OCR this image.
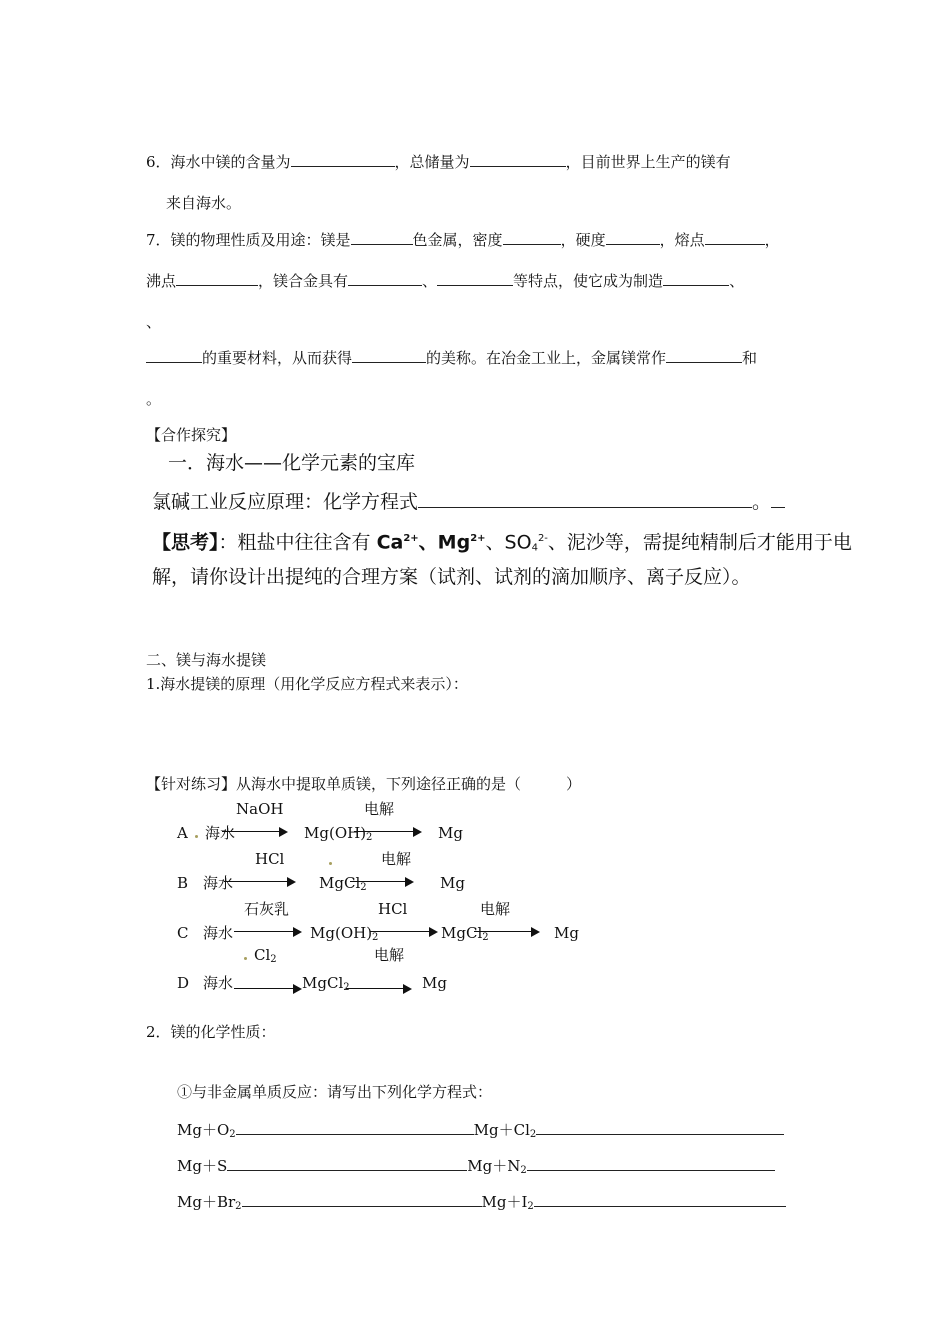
6．海水中镁的含量为	，总储量为	，目前世界上生产的镁有
来自海水。
7．镁的物理性质及用途：镁是	色金属，密度	，硬度	，熔点	，
沸点	，镁合金具有	、	等特点，使它成为制造	、
、
的重要材料，从而获得	的美称。在冶金工业上，金属镁常作	和
。
【合作探究】
一．海水——化学元素的宝库
氯碱工业反应原理：化学方程式	。
【思考】：粗盐中往往含有 $Ca^{2+}$、$Mg^{2+}$、$SO_4^{2-}$、泥沙等，需提纯精制后才能用于电
解，请你设计出提纯的合理方案（试剂、试剂的滴加顺序、离子反应）。
二、镁与海水提镁
1.海水提镁的原理（用化学反应方程式来表示）：
【针对练习】从海水中提取单质镁，下列途径正确的是（　　　）
NaOH	电解
A 海水	$Mg(OH)_2$	Mg
HCl	电解
B 海水	MgCl$_2$	Mg
石灰乳	HCl	电解
C 海水	$Mg(OH)_2$	MgCl$_2$	Mg
$Cl_2$	电解
D 海水	MgCl$_2$	Mg
2．镁的化学性质：
①与非金属单质反应：请写出下列化学方程式：
$Mg+O_2$	$Mg+Cl_2$
Mg＋S	$Mg+N_2$
$Mg+Br_2$	$Mg+I_2$
